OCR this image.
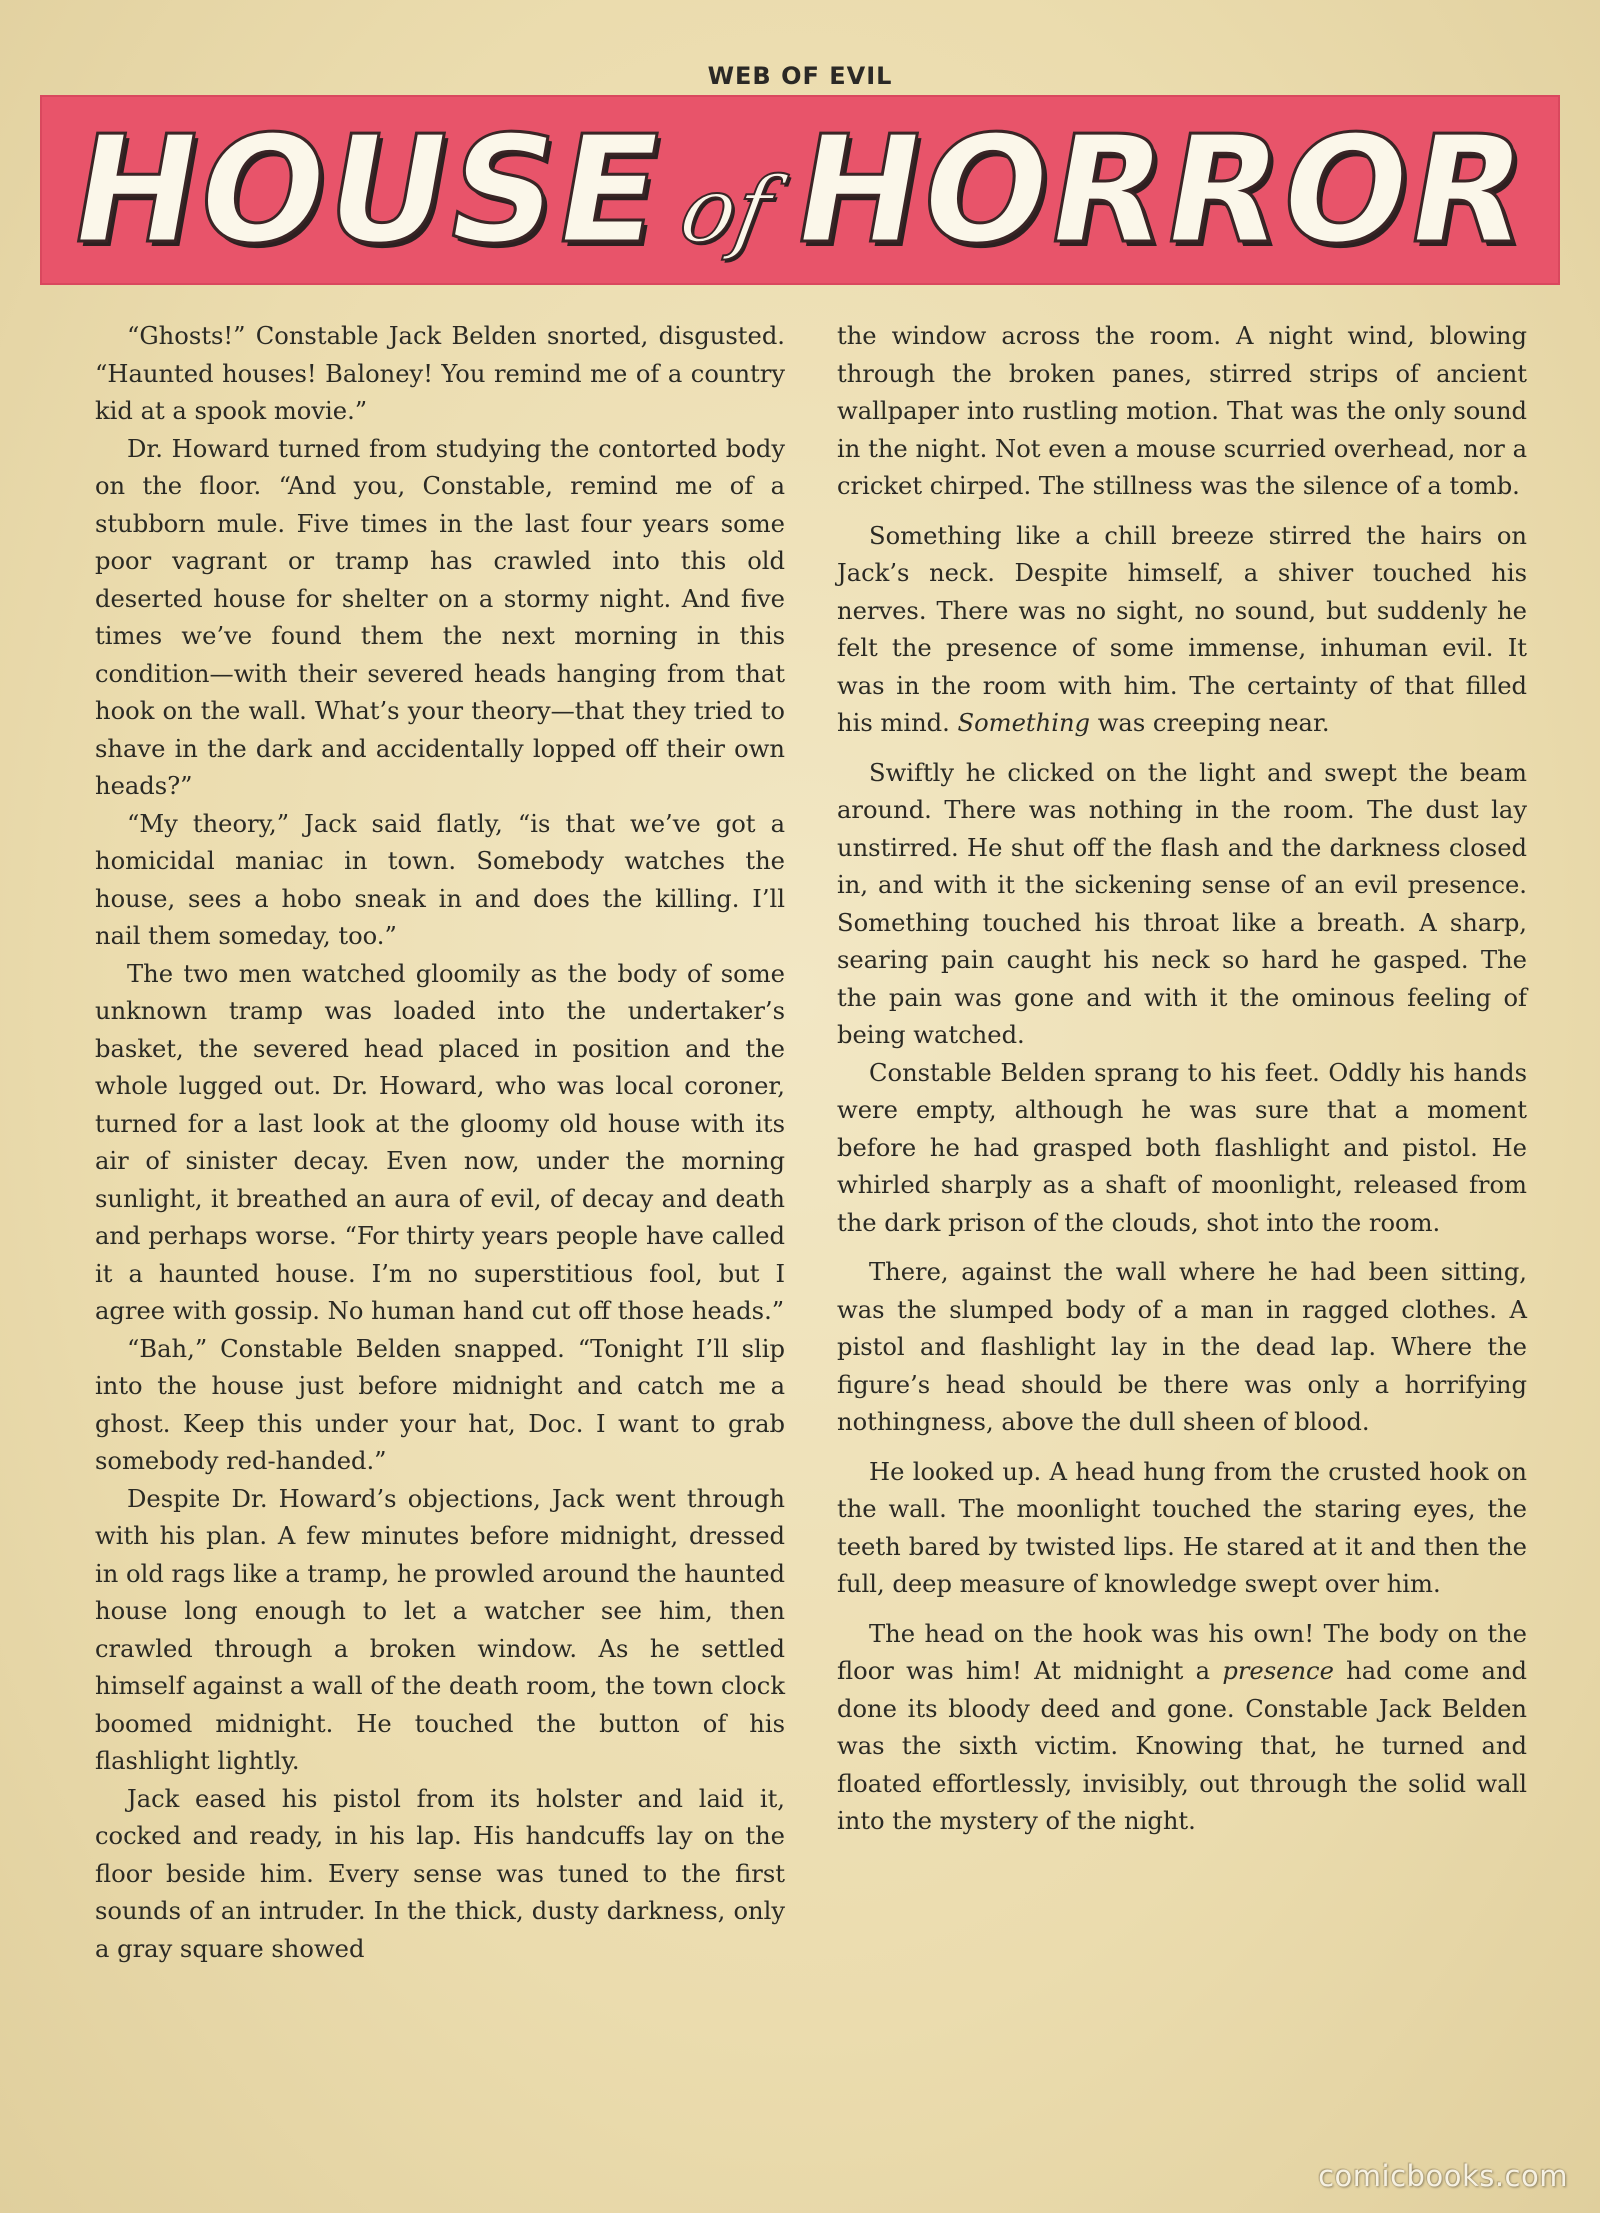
WEB OF EVIL
HOUSE
of HORROR

“Ghosts!” Constable Jack Belden snorted, disgusted. “Haunted houses! Baloney! You remind me of a country kid at a spook movie.”

Dr. Howard turned from studying the contorted body on the floor. “And you, Constable, remind me of a stubborn mule. Five times in the last four years some poor vagrant or tramp has crawled into this old deserted house for shelter on a stormy night. And five times we’ve found them the next morning in this condition—with their severed heads hanging from that hook on the wall. What’s your theory—that they tried to shave in the dark and accidentally lopped off their own heads?”

“My theory,” Jack said flatly, “is that we’ve got a homicidal maniac in town. Somebody watches the house, sees a hobo sneak in and does the killing. I’ll nail them someday, too.”

The two men watched gloomily as the body of some unknown tramp was loaded into the undertaker’s basket, the severed head placed in position and the whole lugged out. Dr. Howard, who was local coroner, turned for a last look at the gloomy old house with its air of sinister decay. Even now, under the morning sunlight, it breathed an aura of evil, of decay and death and perhaps worse. “For thirty years people have called it a haunted house. I’m no superstitious fool, but I agree with gossip. No human hand cut off those heads.”

“Bah,” Constable Belden snapped. “Tonight I’ll slip into the house just before midnight and catch me a ghost. Keep this under your hat, Doc. I want to grab somebody red-handed.”

Despite Dr. Howard’s objections, Jack went through with his plan. A few minutes before midnight, dressed in old rags like a tramp, he prowled around the haunted house long enough to let a watcher see him, then crawled through a broken window. As he settled himself against a wall of the death room, the town clock boomed midnight. He touched the button of his flashlight lightly.

Jack eased his pistol from its holster and laid it, cocked and ready, in his lap. His handcuffs lay on the floor beside him. Every sense was tuned to the first sounds of an intruder. In the thick, dusty darkness, only a gray square showed

the window across the room. A night wind, blowing through the broken panes, stirred strips of ancient wallpaper into rustling motion. That was the only sound in the night. Not even a mouse scurried overhead, nor a cricket chirped. The stillness was the silence of a tomb.

Something like a chill breeze stirred the hairs on Jack’s neck. Despite himself, a shiver touched his nerves. There was no sight, no sound, but suddenly he felt the presence of some immense, inhuman evil. It was in the room with him. The certainty of that filled his mind. Something was creeping near.

Swiftly he clicked on the light and swept the beam around. There was nothing in the room. The dust lay unstirred. He shut off the flash and the darkness closed in, and with it the sickening sense of an evil presence. Something touched his throat like a breath. A sharp, searing pain caught his neck so hard he gasped. The the pain was gone and with it the ominous feeling of being watched.

Constable Belden sprang to his feet. Oddly his hands were empty, although he was sure that a moment before he had grasped both flashlight and pistol. He whirled sharply as a shaft of moonlight, released from the dark prison of the clouds, shot into the room.

There, against the wall where he had been sitting, was the slumped body of a man in ragged clothes. A pistol and flashlight lay in the dead lap. Where the figure’s head should be there was only a horrifying nothingness, above the dull sheen of blood.

He looked up. A head hung from the crusted hook on the wall. The moonlight touched the staring eyes, the teeth bared by twisted lips. He stared at it and then the full, deep measure of knowledge swept over him.

The head on the hook was his own! The body on the floor was him! At midnight a presence had come and done its bloody deed and gone. Constable Jack Belden was the sixth victim. Knowing that, he turned and floated effortlessly, invisibly, out through the solid wall into the mystery of the night.

comicbooks.com
